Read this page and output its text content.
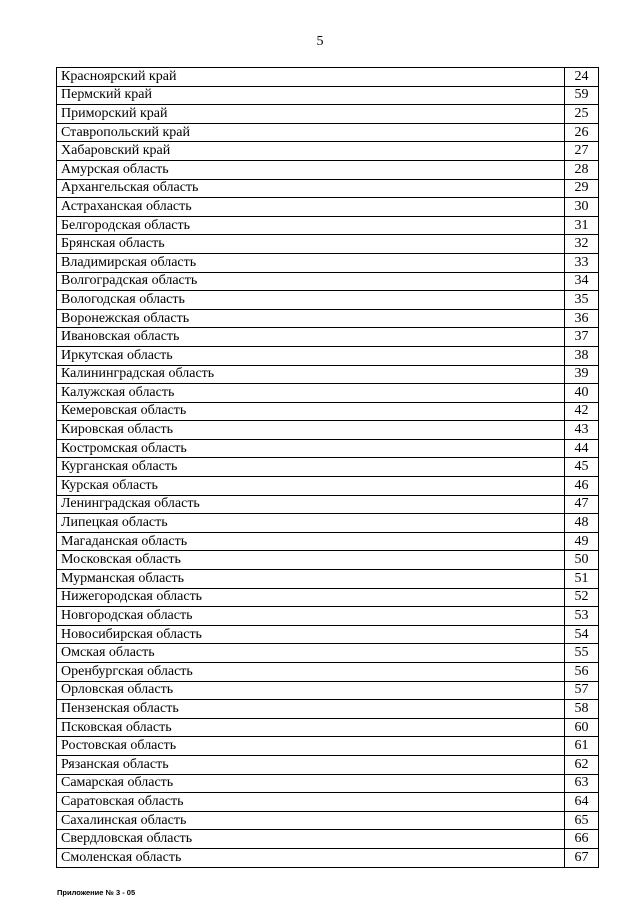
5
Красноярский край	24
Пермский край	59
Приморский край	25
Ставропольский край	26
Хабаровский край	27
Амурская область	28
Архангельская область	29
Астраханская область	30
Белгородская область	31
Брянская область	32
Владимирская область	33
Волгоградская область	34
Вологодская область	35
Воронежская область	36
Ивановская область	37
Иркутская область	38
Калининградская область	39
Калужская область	40
Кемеровская область	42
Кировская область	43
Костромская область	44
Курганская область	45
Курская область	46
Ленинградская область	47
Липецкая область	48
Магаданская область	49
Московская область	50
Мурманская область	51
Нижегородская область	52
Новгородская область	53
Новосибирская область	54
Омская область	55
Оренбургская область	56
Орловская область	57
Пензенская область	58
Псковская область	60
Ростовская область	61
Рязанская область	62
Самарская область	63
Саратовская область	64
Сахалинская область	65
Свердловская область	66
Смоленская область	67
Приложение № 3 - 05
